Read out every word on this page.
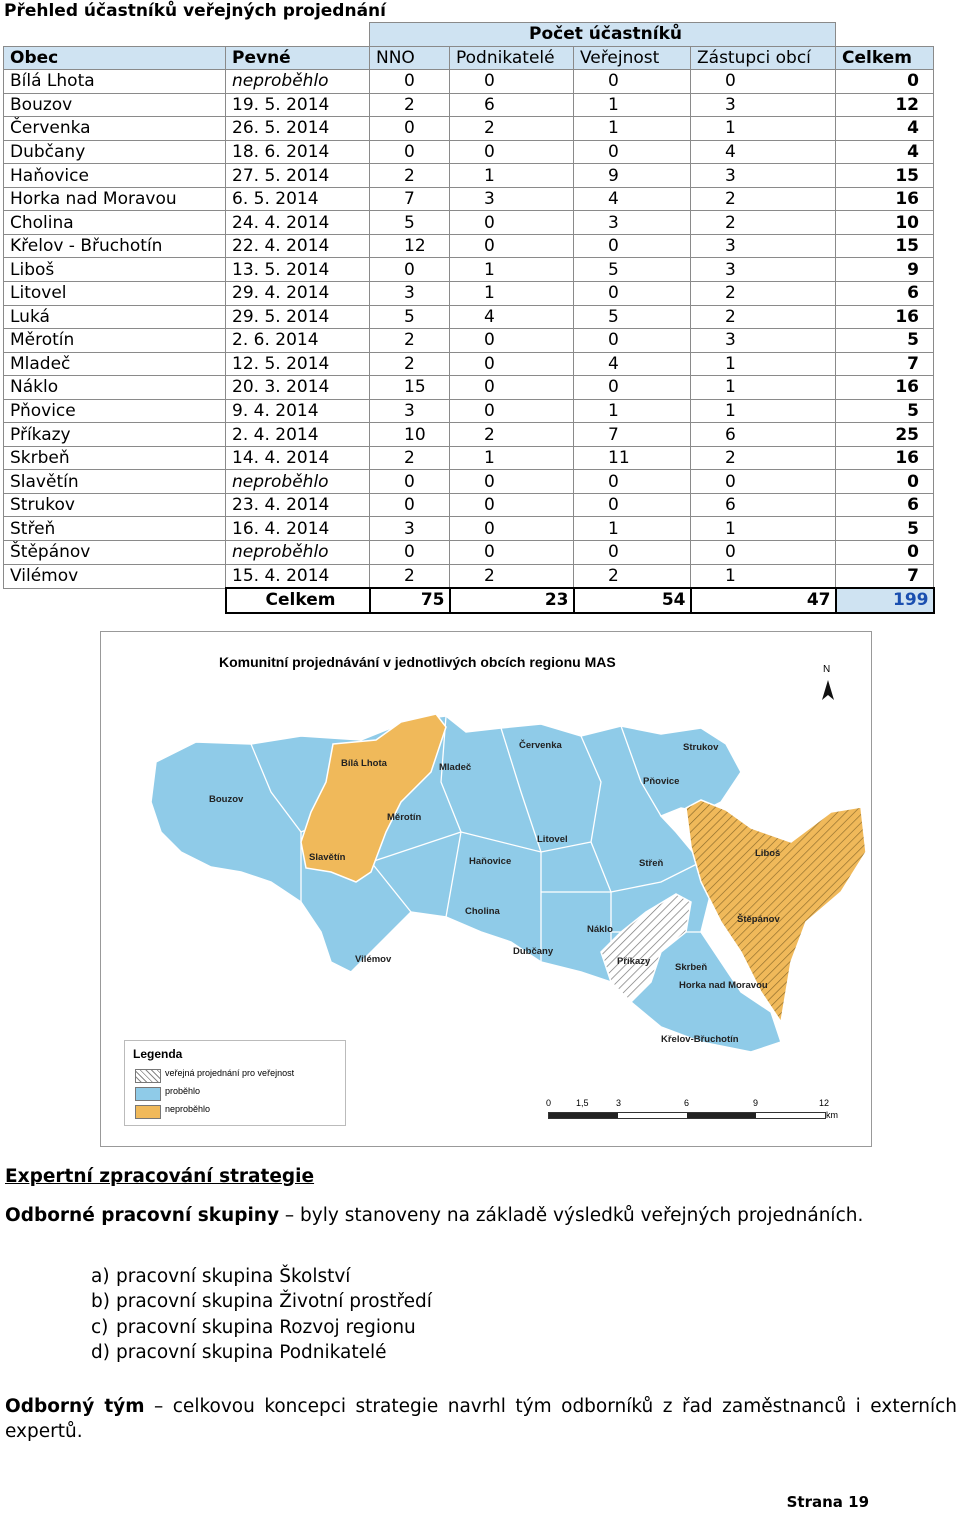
Přehled účastníků veřejných projednání
		Počet účastníků				
Obec	Pevné	NNO	Podnikatelé	Veřejnost	Zástupci obcí	Celkem
Bílá Lhota	neproběhlo	0	0	0	0	0
Bouzov	19. 5. 2014	2	6	1	3	12
Červenka	26. 5. 2014	0	2	1	1	4
Dubčany	18. 6. 2014	0	0	0	4	4
Haňovice	27. 5. 2014	2	1	9	3	15
Horka nad Moravou	6. 5. 2014	7	3	4	2	16
Cholina	24. 4. 2014	5	0	3	2	10
Křelov - Břuchotín	22. 4. 2014	12	0	0	3	15
Liboš	13. 5. 2014	0	1	5	3	9
Litovel	29. 4. 2014	3	1	0	2	6
Luká	29. 5. 2014	5	4	5	2	16
Měrotín	2. 6. 2014	2	0	0	3	5
Mladeč	12. 5. 2014	2	0	4	1	7
Náklo	20. 3. 2014	15	0	0	1	16
Pňovice	9. 4. 2014	3	0	1	1	5
Příkazy	2. 4. 2014	10	2	7	6	25
Skrbeň	14. 4. 2014	2	1	11	2	16
Slavětín	neproběhlo	0	0	0	0	0
Strukov	23. 4. 2014	0	0	0	6	6
Střeň	16. 4. 2014	3	0	1	1	5
Štěpánov	neproběhlo	0	0	0	0	0
Vilémov	15. 4. 2014	2	2	2	1	7
	Celkem	75	23	54	47	199
Komunitní projednávání v jednotlivých obcích regionu MAS
Bílá Lhota	Mladeč
Červenka	Strukov
Bouzov
Pňovice
Měrotín
Litovel
Liboš
Slavětín	Haňovice	Střeň
Štěpánov
Cholina
Náklo
Dubčany
Příkazy
Skrbeň
Horka nad Moravou
Vilémov
Křelov-Břuchotín
Legenda
veřejná projednání pro veřejnost
proběhlo
neproběhlo
0	1,5	3	6	9	12
km
N
Expertní zpracování strategie
Odborné pracovní skupiny – byly stanoveny na základě výsledků veřejných projednáních.
a) pracovní skupina Školství
b) pracovní skupina Životní prostředí
c) pracovní skupina Rozvoj regionu
d) pracovní skupina Podnikatelé
Odborný tým – celkovou koncepci strategie navrhl tým odborníků z řad zaměstnanců i externích expertů.
Strana 19
